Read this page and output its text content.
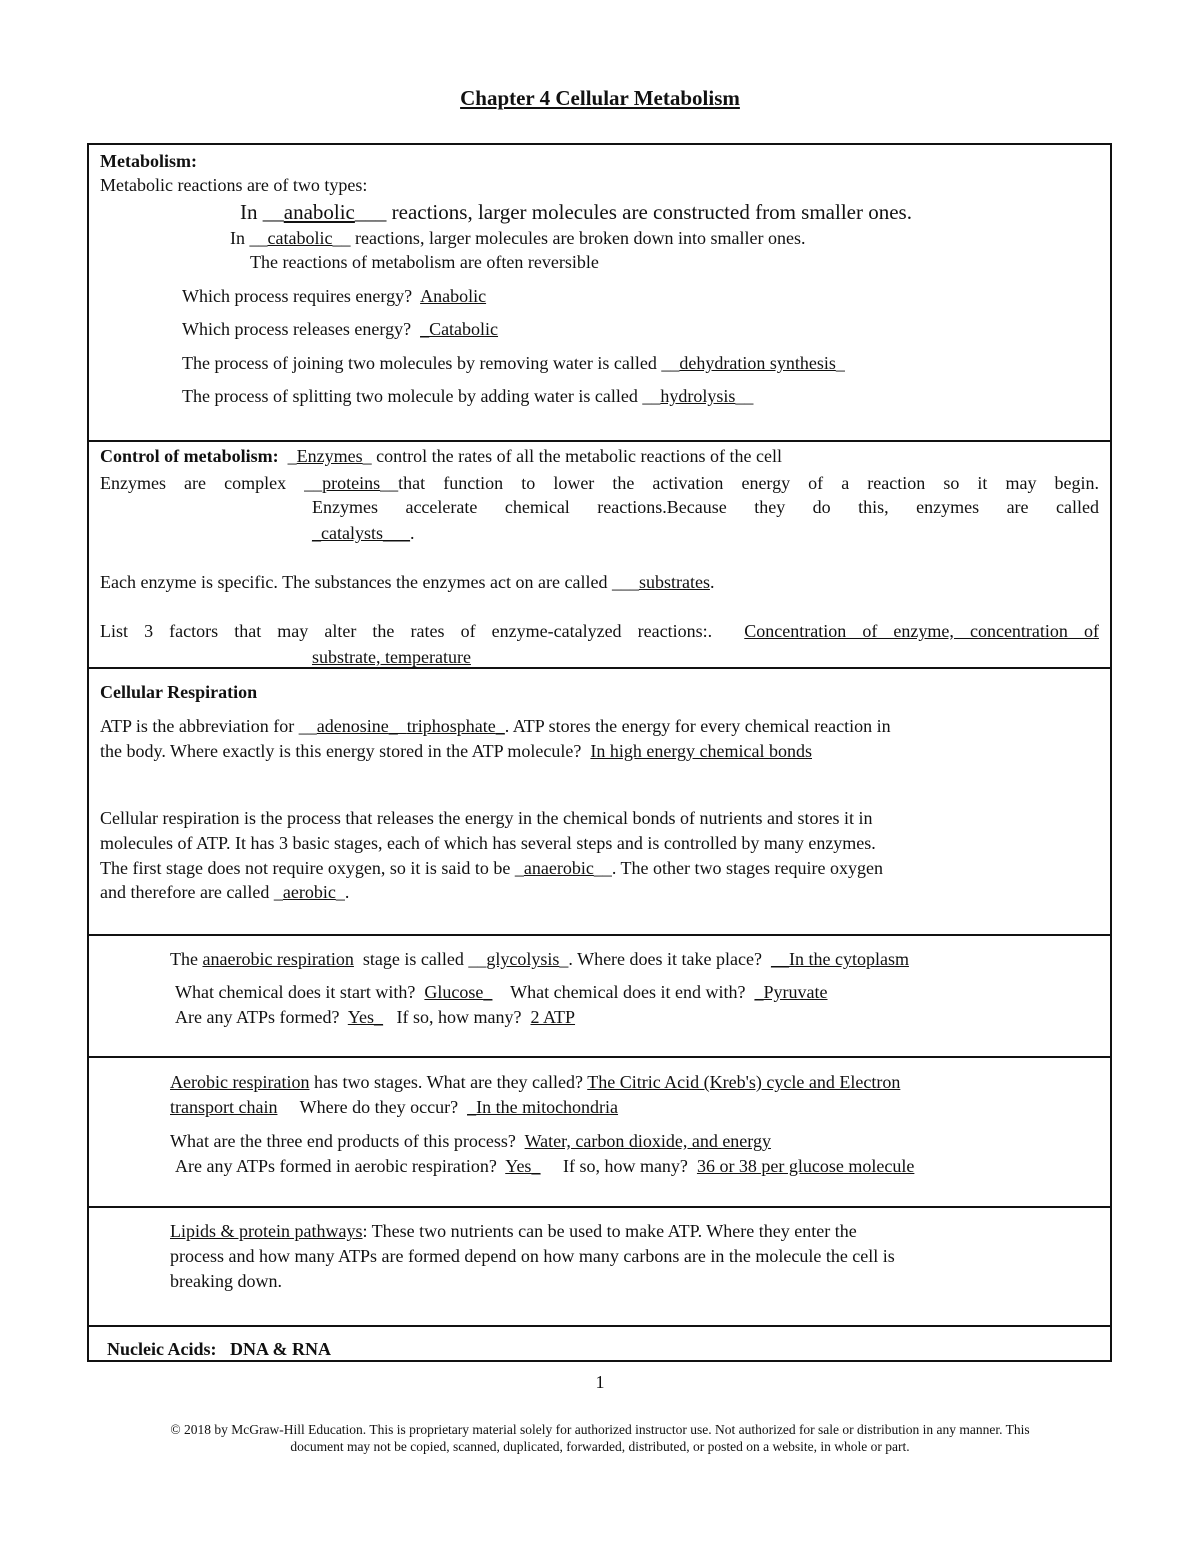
Chapter 4 Cellular Metabolism
Metabolism:
Metabolic reactions are of two types:
In __anabolic___ reactions, larger molecules are constructed from smaller ones.
In __catabolic__ reactions, larger molecules are broken down into smaller ones.
The reactions of metabolism are often reversible
Which process requires energy? Anabolic
Which process releases energy? _Catabolic
The process of joining two molecules by removing water is called __dehydration synthesis_
The process of splitting two molecule by adding water is called __hydrolysis__
Control of metabolism: _Enzymes_ control the rates of all the metabolic reactions of the cell
Enzymes are complex __proteins__that function to lower the activation energy of a reaction so it may begin.
Enzymes accelerate chemical reactions.Because they do this, enzymes are called
_catalysts___.
Each enzyme is specific. The substances the enzymes act on are called ___substrates.
List 3 factors that may alter the rates of enzyme-catalyzed reactions:. Concentration of enzyme, concentration of
substrate, temperature
Cellular Respiration
ATP is the abbreviation for __adenosine_  triphosphate_. ATP stores the energy for every chemical reaction in
the body. Where exactly is this energy stored in the ATP molecule? In high energy chemical bonds
Cellular respiration is the process that releases the energy in the chemical bonds of nutrients and stores it in
molecules of ATP. It has 3 basic stages, each of which has several steps and is controlled by many enzymes.
The first stage does not require oxygen, so it is said to be _anaerobic__. The other two stages require oxygen
and therefore are called _aerobic_.
The anaerobic respiration stage is called __glycolysis_. Where does it take place? __In the cytoplasm
What chemical does it start with? Glucose_ What chemical does it end with? _Pyruvate
Are any ATPs formed? Yes_ If so, how many? 2 ATP
Aerobic respiration has two stages. What are they called? The Citric Acid (Kreb's) cycle and Electron
transport chain Where do they occur? _In the mitochondria
What are the three end products of this process? Water, carbon dioxide, and energy
Are any ATPs formed in aerobic respiration? Yes_ If so, how many? 36 or 38 per glucose molecule
Lipids & protein pathways: These two nutrients can be used to make ATP. Where they enter the
process and how many ATPs are formed depend on how many carbons are in the molecule the cell is
breaking down.
Nucleic Acids: DNA & RNA
1
© 2018 by McGraw-Hill Education. This is proprietary material solely for authorized instructor use. Not authorized for sale or distribution in any manner. This
document may not be copied, scanned, duplicated, forwarded, distributed, or posted on a website, in whole or part.
